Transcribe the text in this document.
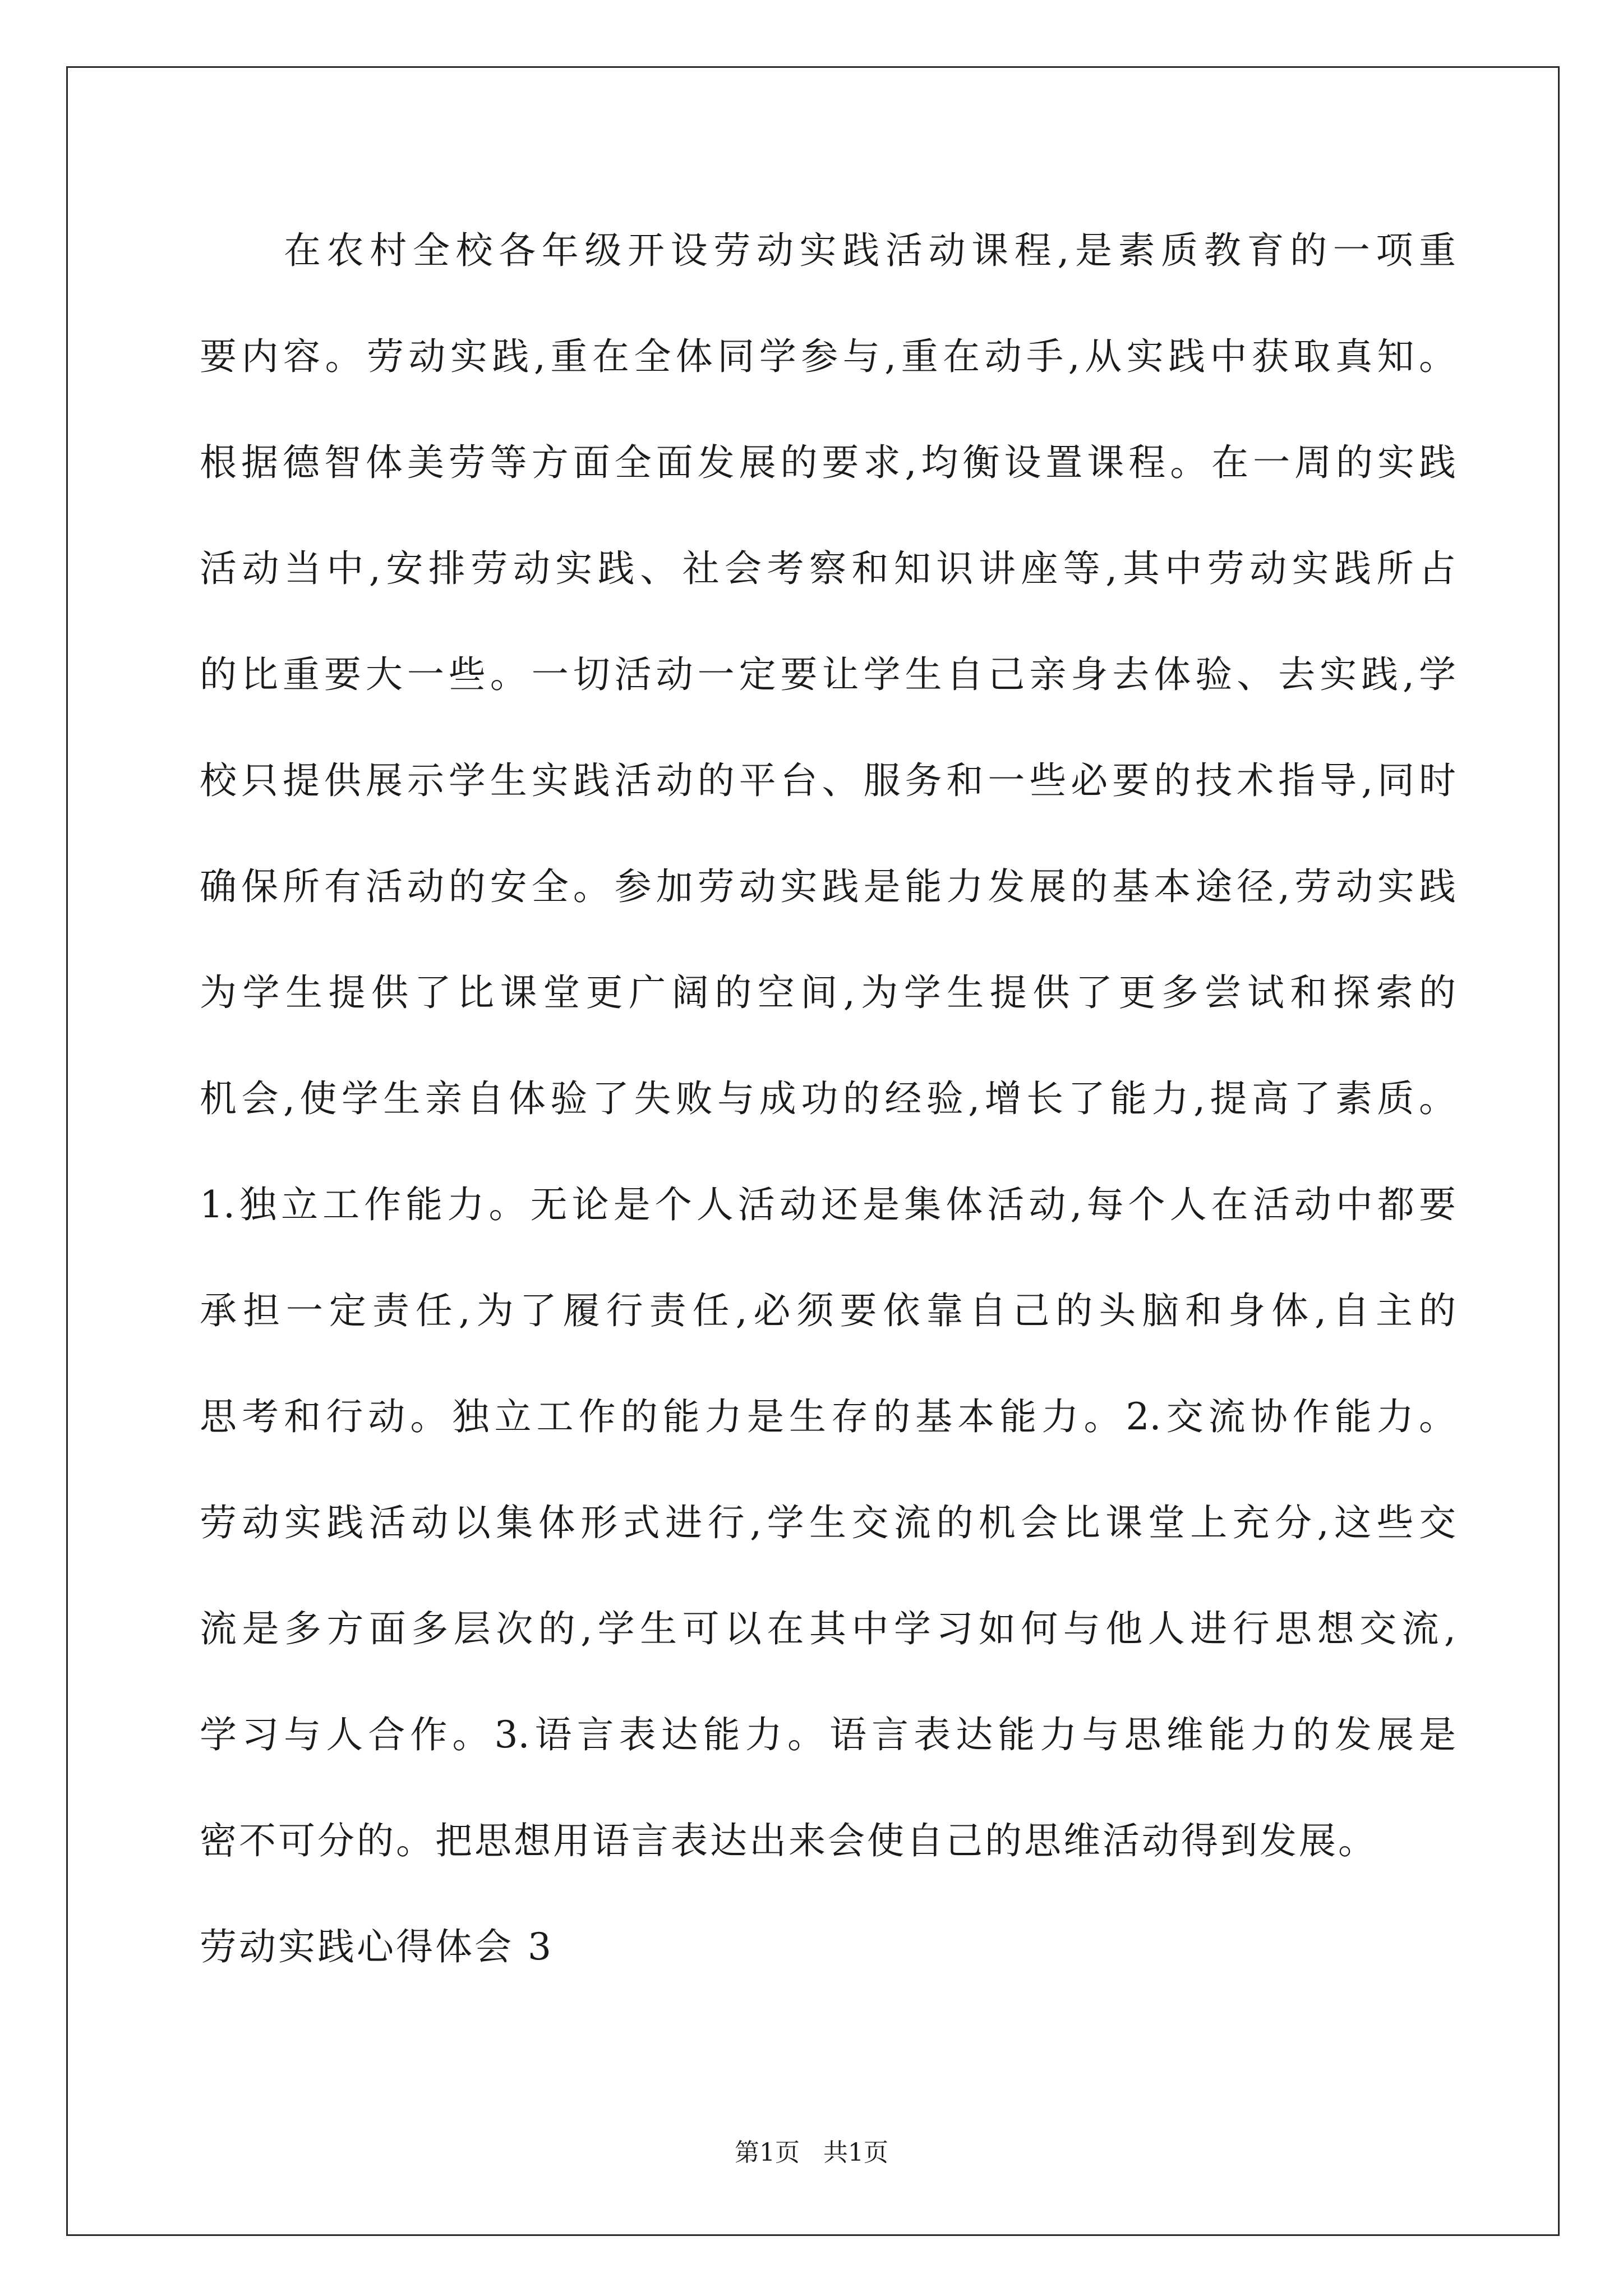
在农村全校各年级开设劳动实践活动课程,是素质教育的一项重
要内容。劳动实践,重在全体同学参与,重在动手,从实践中获取真知。
根据德智体美劳等方面全面发展的要求,均衡设置课程。在一周的实践
活动当中,安排劳动实践、社会考察和知识讲座等,其中劳动实践所占
的比重要大一些。一切活动一定要让学生自己亲身去体验、去实践,学
校只提供展示学生实践活动的平台、服务和一些必要的技术指导,同时
确保所有活动的安全。参加劳动实践是能力发展的基本途径,劳动实践
为学生提供了比课堂更广阔的空间,为学生提供了更多尝试和探索的
机会,使学生亲自体验了失败与成功的经验,增长了能力,提高了素质。
1.独立工作能力。无论是个人活动还是集体活动,每个人在活动中都要
承担一定责任,为了履行责任,必须要依靠自己的头脑和身体,自主的
思考和行动。独立工作的能力是生存的基本能力。2.交流协作能力。
劳动实践活动以集体形式进行,学生交流的机会比课堂上充分,这些交
流是多方面多层次的,学生可以在其中学习如何与他人进行思想交流,
学习与人合作。3.语言表达能力。语言表达能力与思维能力的发展是
密不可分的。把思想用语言表达出来会使自己的思维活动得到发展。
劳动实践心得体会 3
第1页   共1页
